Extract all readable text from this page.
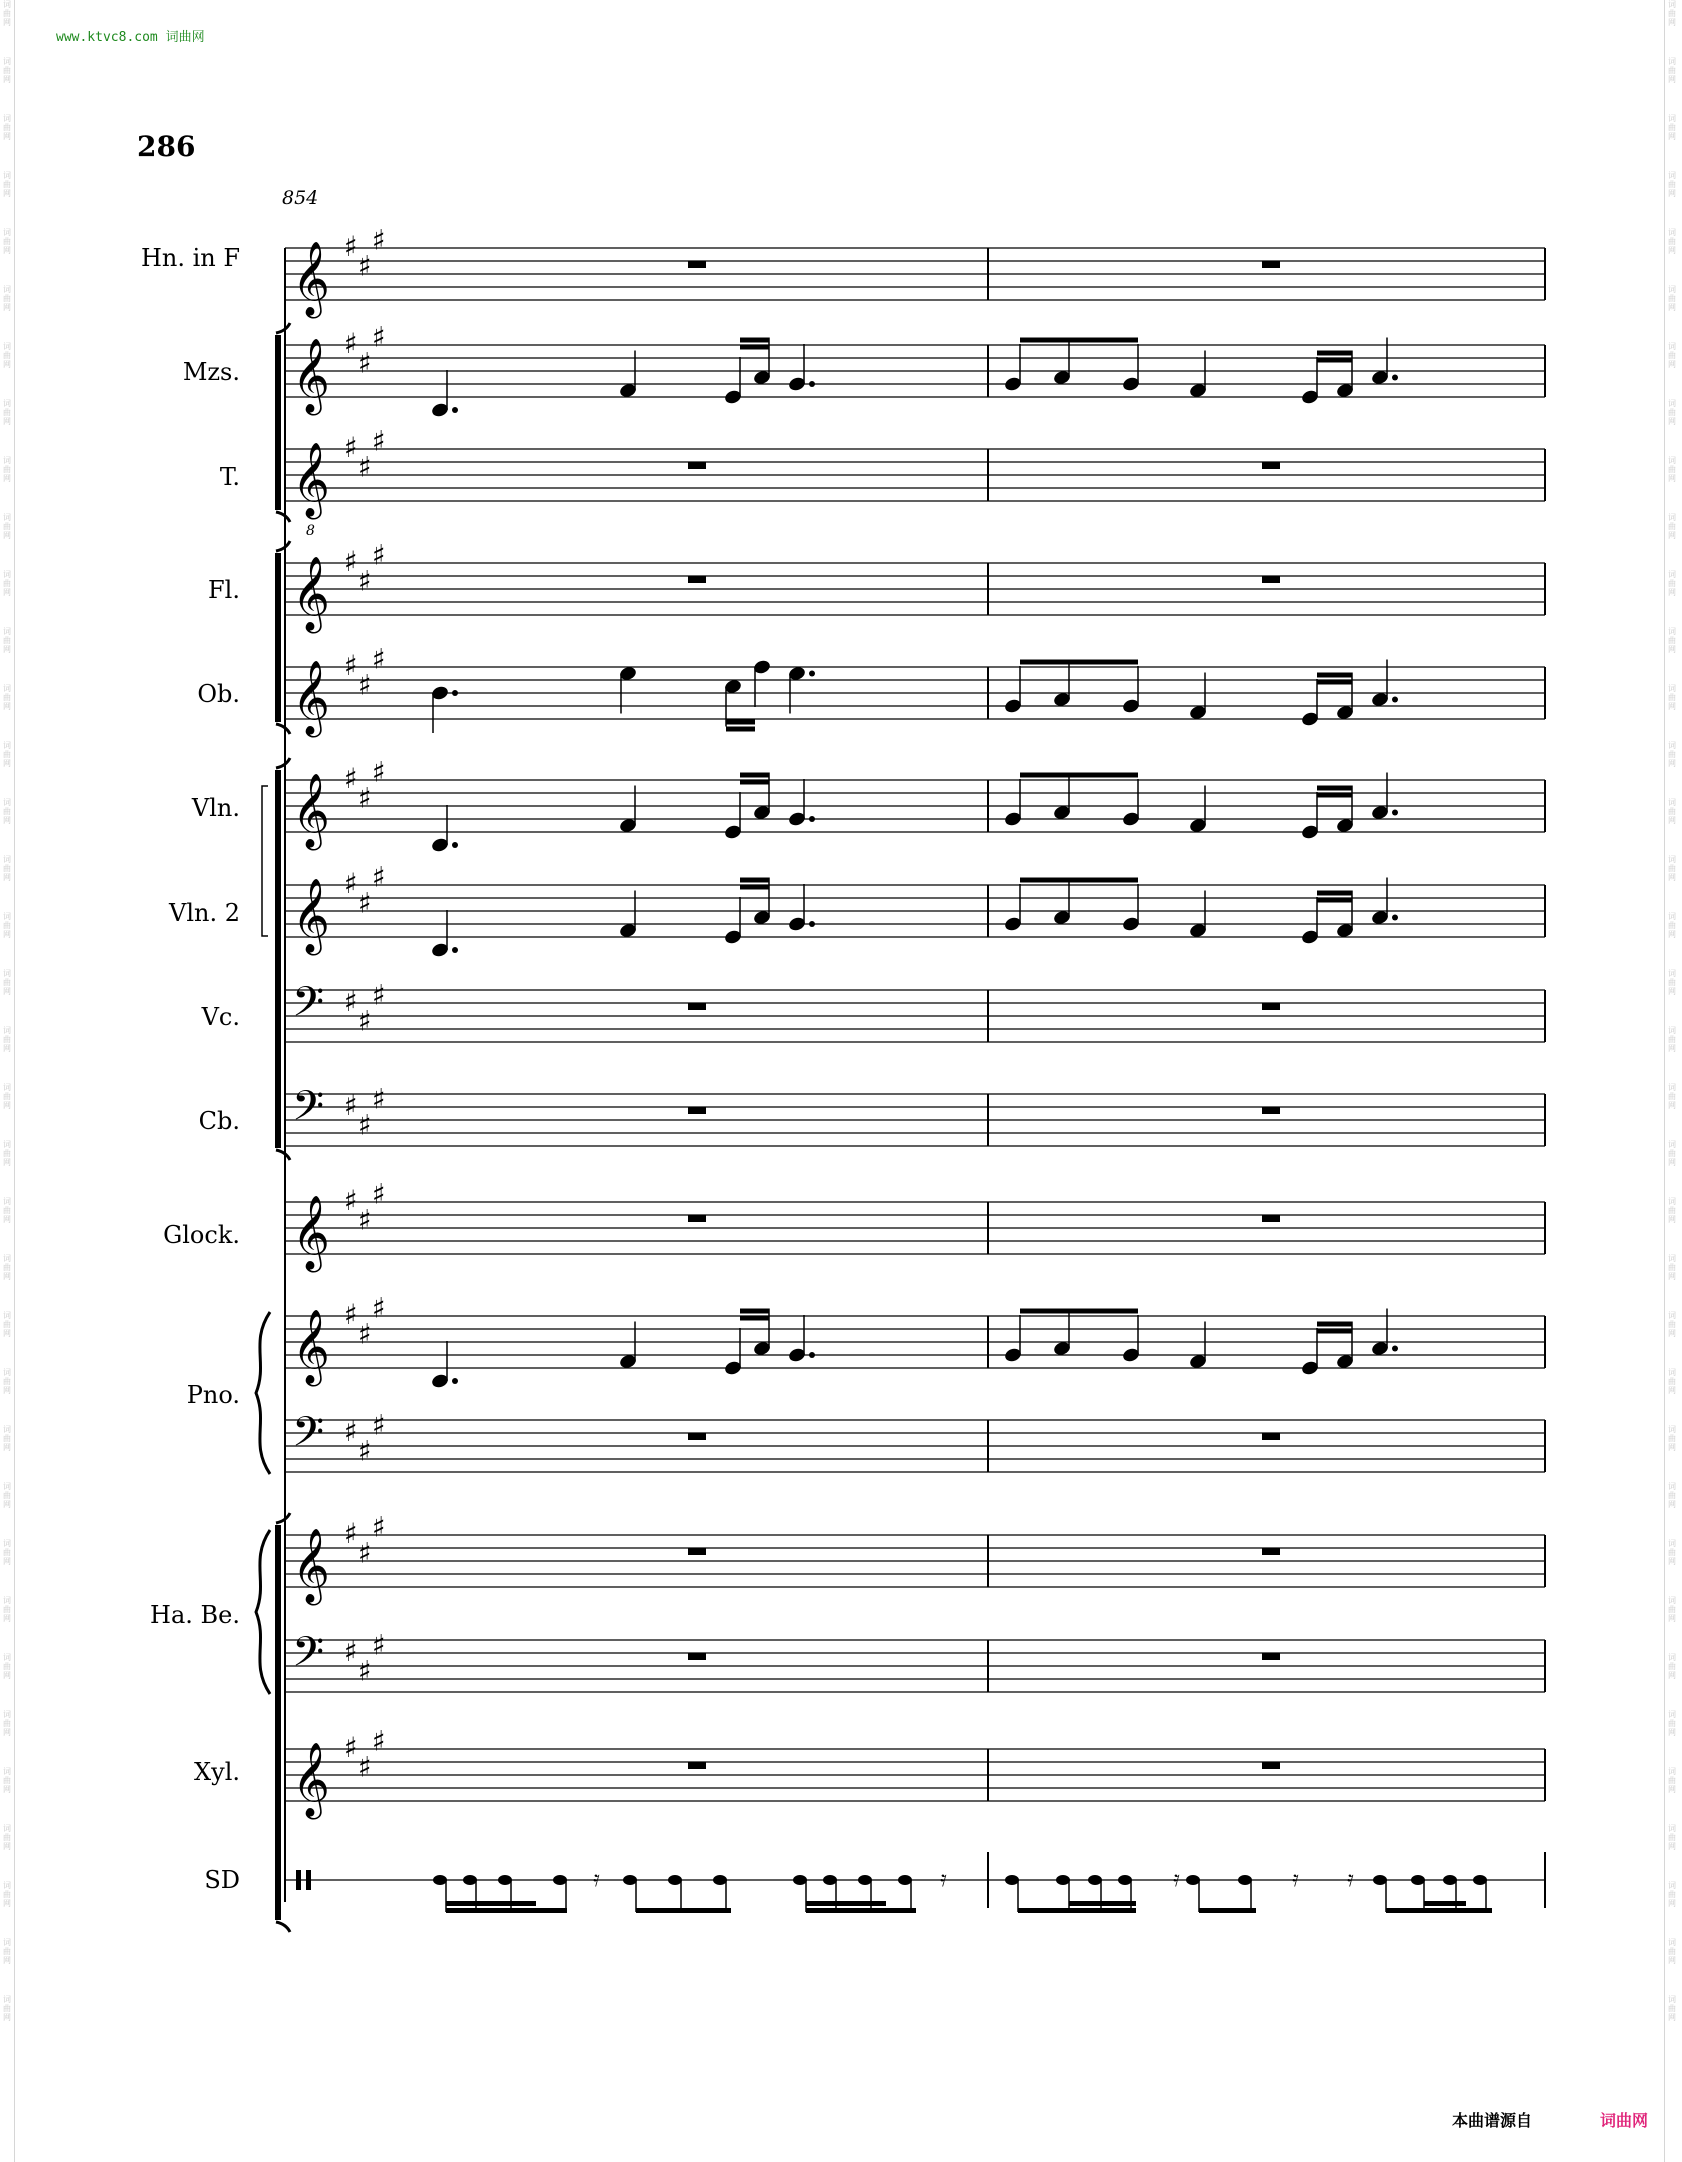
词曲网
词曲网
词曲网
词曲网
词曲网
词曲网
词曲网
词曲网
词曲网
词曲网
词曲网
词曲网
词曲网
词曲网
词曲网
词曲网
词曲网
词曲网
词曲网
词曲网
词曲网
词曲网
词曲网
词曲网
词曲网
词曲网
词曲网
词曲网
词曲网
词曲网
词曲网
词曲网
词曲网
词曲网
词曲网
词曲网
词曲网
词曲网
词曲网
词曲网
词曲网
词曲网
词曲网
词曲网
词曲网
词曲网
词曲网
词曲网
词曲网
词曲网
词曲网
词曲网
词曲网
词曲网
词曲网
词曲网
词曲网
词曲网
词曲网
词曲网
词曲网
词曲网
词曲网
词曲网
词曲网
词曲网
词曲网
词曲网
词曲网
词曲网
词曲网
词曲网
www.ktvc8.com 词曲网
286
854
𝄞
𝄞
𝄞
8
𝄞
𝄞
𝄞
𝄞
𝄢
𝄢
𝄞
𝄞
𝄢
𝄞
𝄢
𝄞
♯
♯
♯
♯
♯
♯
♯
♯
♯
♯
♯
♯
♯
♯
♯
♯
♯
♯
♯
♯
♯
♯
♯
♯
♯
♯
♯
♯
♯
♯
♯
♯
♯
♯
♯
♯
♯
♯
♯
♯
♯
♯
♯
♯
♯
𝄿	𝄿	𝄿	𝄿 𝄿
Hn. in F
Mzs.
T.
Fl.
Ob.
Vln.
Vln. 2
Vc.
Cb.
Glock.
Pno.
Ha. Be.
Xyl.
SD
本曲谱源自	词曲网
